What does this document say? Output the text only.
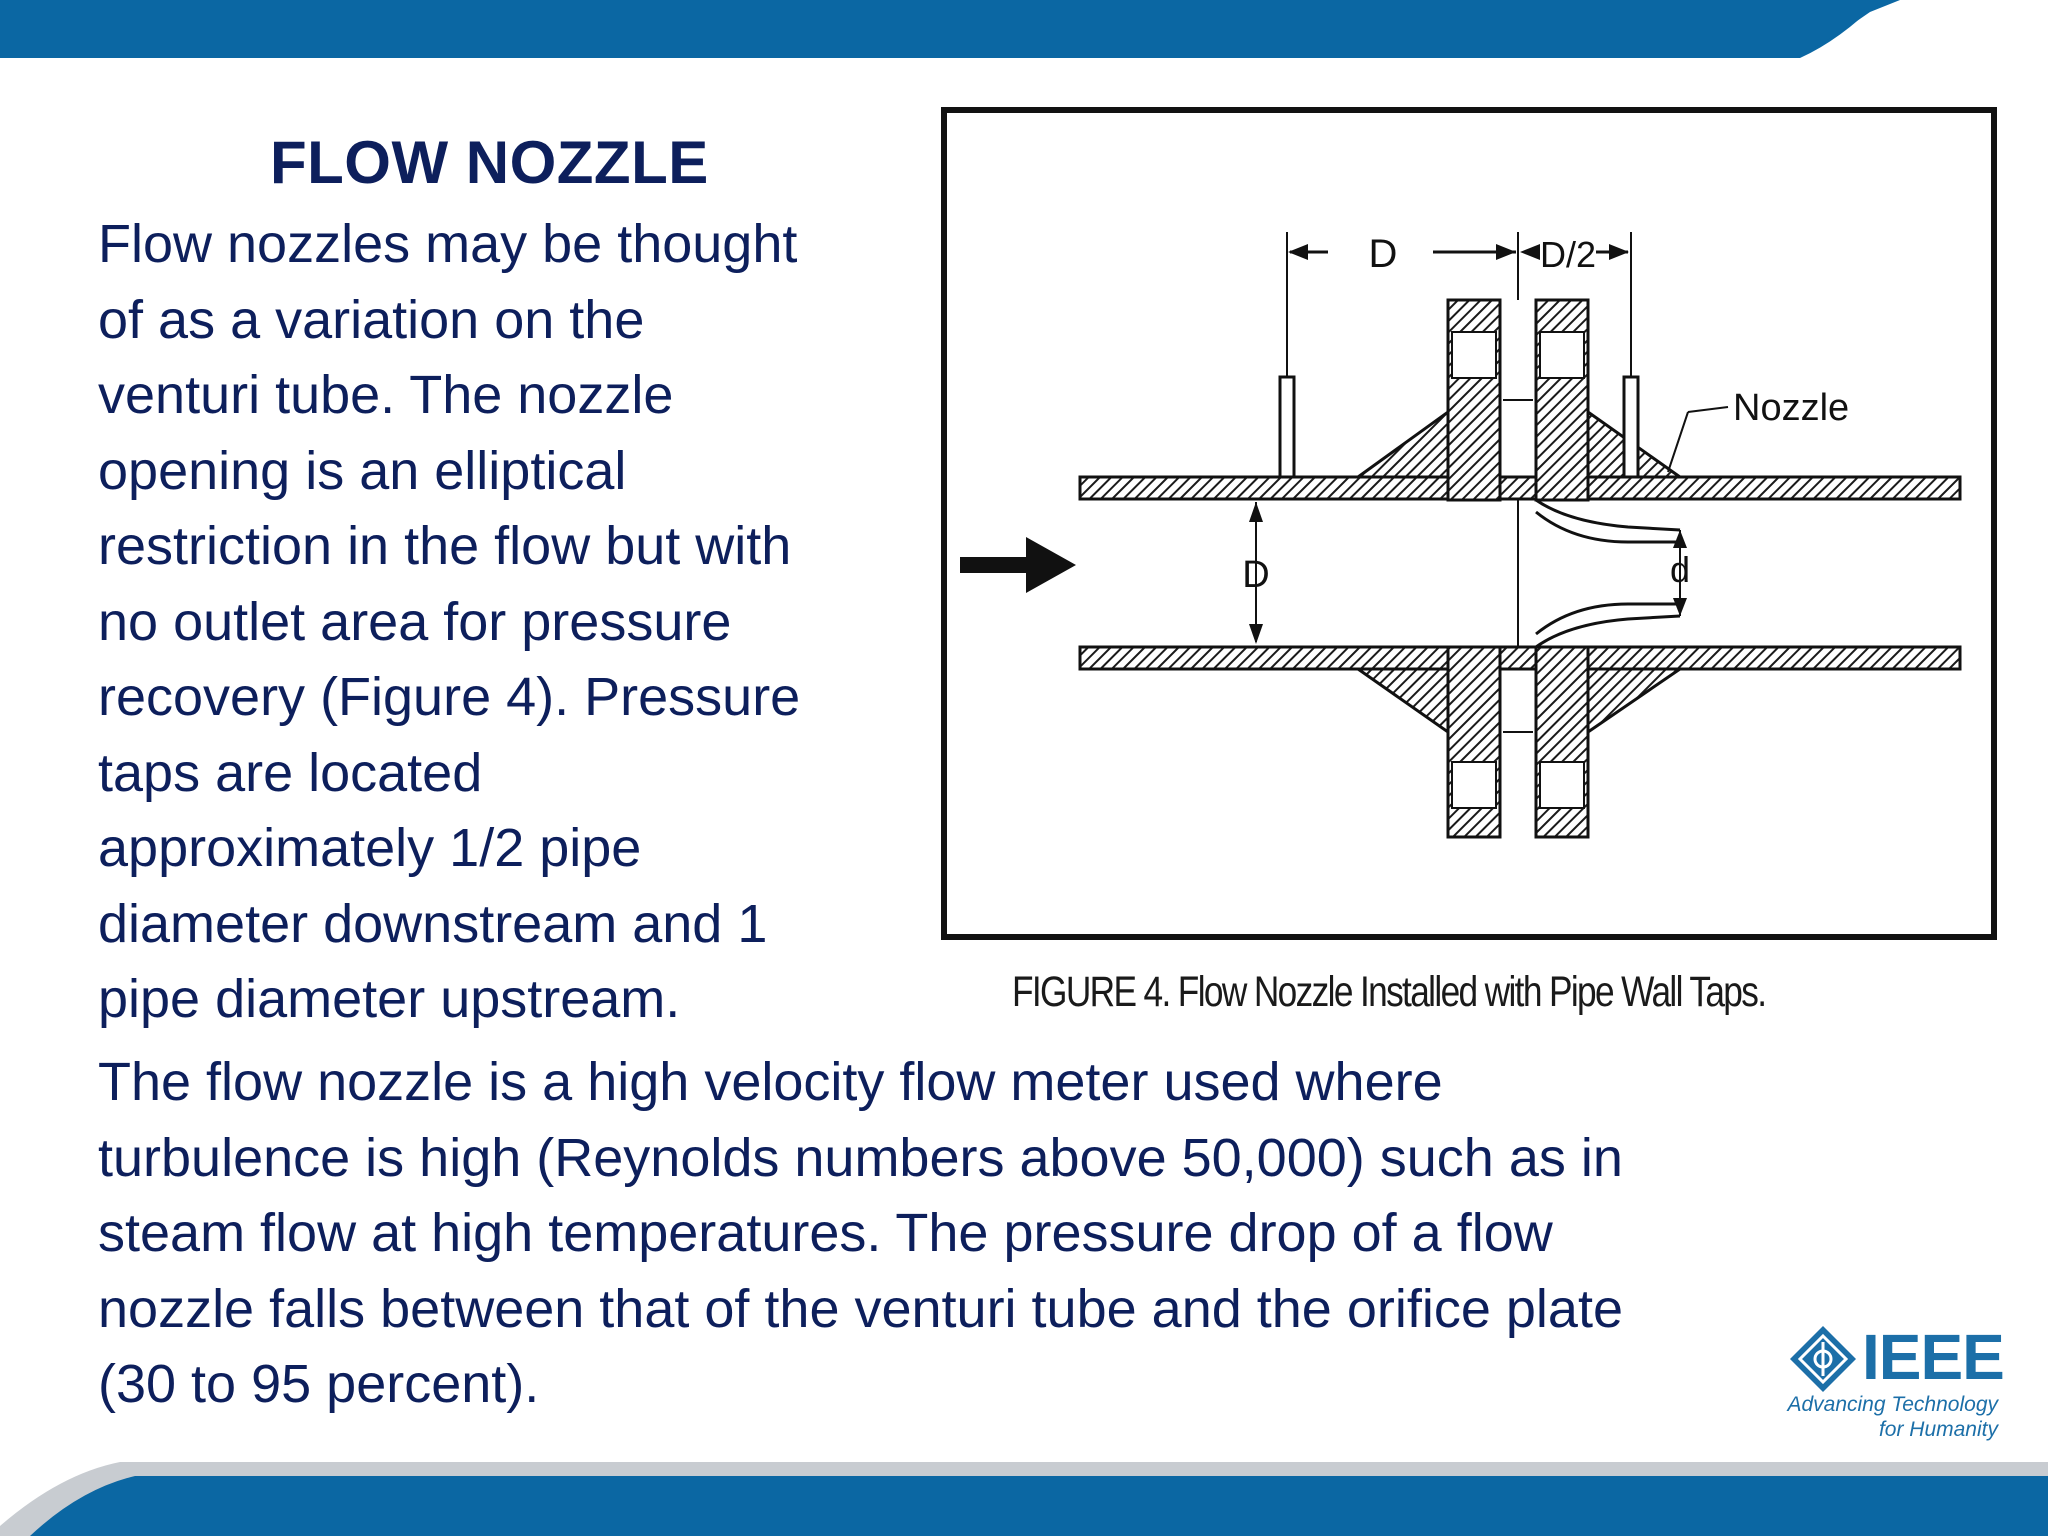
FLOW NOZZLE
Flow nozzles may be thought
of as a variation on the
venturi tube. The nozzle
opening is an elliptical
restriction in the flow but with
no outlet area for pressure
recovery (Figure 4). Pressure
taps are located
approximately 1/2 pipe
diameter downstream and 1
pipe diameter upstream.
D	D/2
Nozzle
D	d
FIGURE 4. Flow Nozzle Installed with Pipe Wall Taps.
The flow nozzle is a high velocity flow meter used where
turbulence is high (Reynolds numbers above 50,000) such as in
steam flow at high temperatures. The pressure drop of a flow
nozzle falls between that of the venturi tube and the orifice plate
(30 to 95 percent).	IEEE
Advancing Technology
for Humanity
